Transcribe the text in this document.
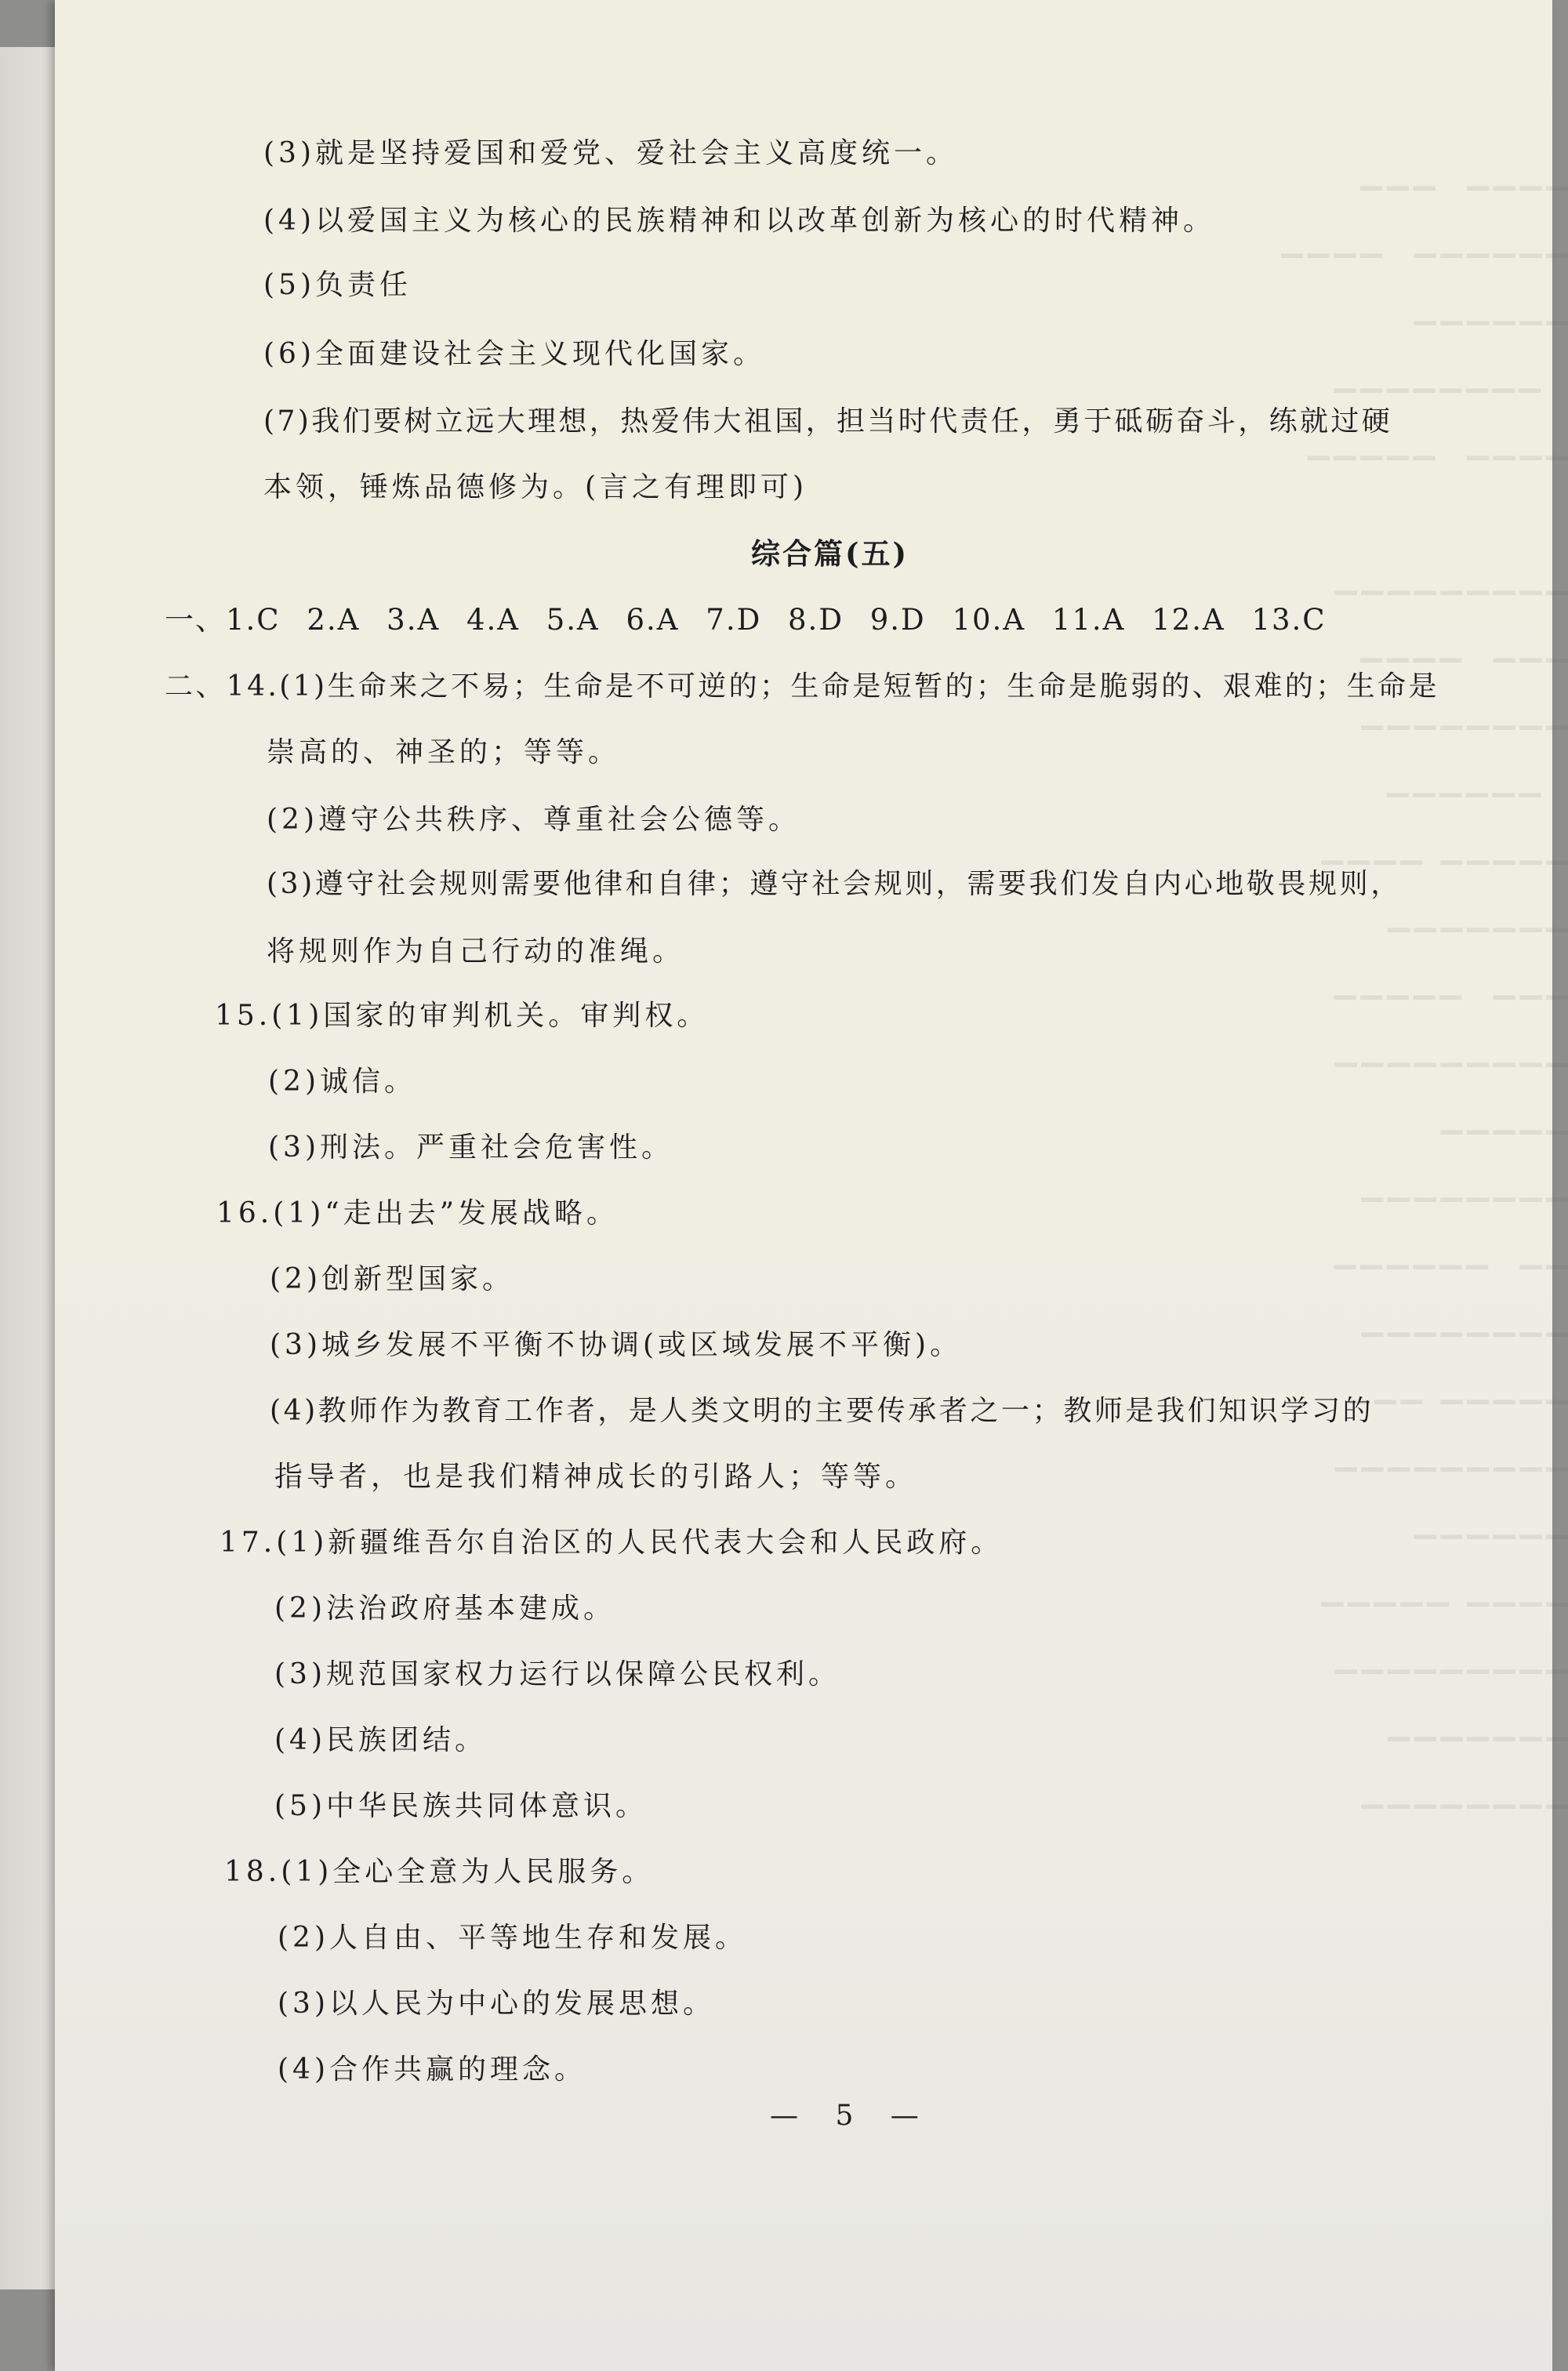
▁▁▁▁  ▁▁▁
▁▁▁▁▁▁  ▁▁▁▁
▁▁▁▁▁▁
▁▁▁▁▁▁▁▁
▁▁▁▁  ▁▁▁▁▁

▁▁▁▁▁▁▁▁▁
▁▁▁  ▁▁▁▁
▁▁▁▁▁▁▁▁
▁▁▁▁▁▁
▁▁▁▁▁ ▁▁▁▁
▁▁▁▁▁▁▁
▁▁▁  ▁▁▁▁▁
▁▁▁▁▁▁▁▁▁
▁▁▁▁▁
▁▁▁▁▁▁▁▁
▁▁  ▁▁▁▁▁▁
▁▁▁▁▁▁▁▁
▁▁▁▁▁ ▁▁▁
▁▁▁▁▁▁▁▁▁
▁▁▁▁▁▁
▁▁▁▁ ▁▁▁▁▁
▁▁▁▁▁▁▁▁▁
▁▁▁▁▁▁▁
▁▁▁▁▁▁▁▁
(3)就是坚持爱国和爱党、爱社会主义高度统一。
(4)以爱国主义为核心的民族精神和以改革创新为核心的时代精神。
(5)负责任
(6)全面建设社会主义现代化国家。
(7)我们要树立远大理想，热爱伟大祖国，担当时代责任，勇于砥砺奋斗，练就过硬
本领，锤炼品德修为。(言之有理即可)
综合篇(五)
一、1.C 2.A 3.A 4.A 5.A 6.A 7.D 8.D 9.D 10.A 11.A 12.A 13.C
二、14.(1)生命来之不易；生命是不可逆的；生命是短暂的；生命是脆弱的、艰难的；生命是
崇高的、神圣的；等等。
(2)遵守公共秩序、尊重社会公德等。
(3)遵守社会规则需要他律和自律；遵守社会规则，需要我们发自内心地敬畏规则，
将规则作为自己行动的准绳。
15.(1)国家的审判机关。审判权。
(2)诚信。
(3)刑法。严重社会危害性。
16.(1)“走出去”发展战略。
(2)创新型国家。
(3)城乡发展不平衡不协调(或区域发展不平衡)。
(4)教师作为教育工作者，是人类文明的主要传承者之一；教师是我们知识学习的
指导者，也是我们精神成长的引路人；等等。
17.(1)新疆维吾尔自治区的人民代表大会和人民政府。
(2)法治政府基本建成。
(3)规范国家权力运行以保障公民权利。
(4)民族团结。
(5)中华民族共同体意识。
18.(1)全心全意为人民服务。
(2)人自由、平等地生存和发展。
(3)以人民为中心的发展思想。
(4)合作共赢的理念。
— 5 —
